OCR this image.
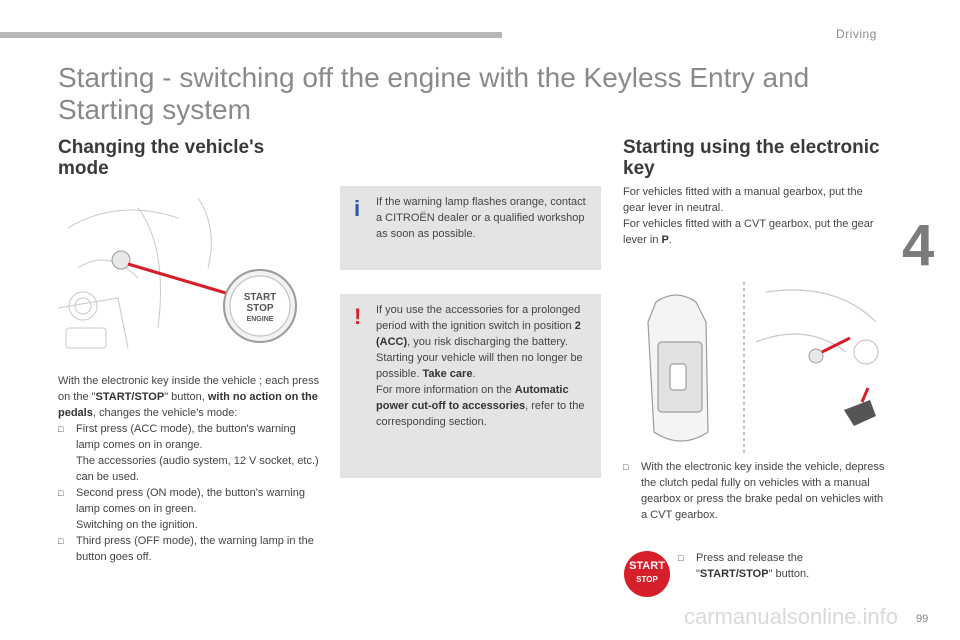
Driving
4
carmanualsonline.info 99
Starting - switching off the engine with the Keyless Entry and Starting system
Changing the vehicle's mode
START
STOP
ENGINE

With the electronic key inside the vehicle ; each press on the "START/STOP" button, with no action on the pedals, changes the vehicle's mode:

□	First press (ACC mode), the button's warning lamp comes on in orange.
The accessories (audio system, 12 V socket, etc.) can be used.
□	Second press (ON mode), the button's warning lamp comes on in green.
Switching on the ignition.
□	Third press (OFF mode), the warning lamp in the button goes off.
i If the warning lamp flashes orange, contact a CITROËN dealer or a qualified workshop as soon as possible.
! If you use the accessories for a prolonged period with the ignition switch in position 2 (ACC), you risk discharging the battery. Starting your vehicle will then no longer be possible. Take care.

For more information on the Automatic power cut-off to accessories, refer to the corresponding section.

Starting using the electronic key

For vehicles fitted with a manual gearbox, put the gear lever in neutral.

For vehicles fitted with a CVT gearbox, put the gear lever in P.

□	With the electronic key inside the vehicle, depress the clutch pedal fully on vehicles with a manual gearbox or press the brake pedal on vehicles with a CVT gearbox.
START
STOP
□	Press and release the "START/STOP" button.
